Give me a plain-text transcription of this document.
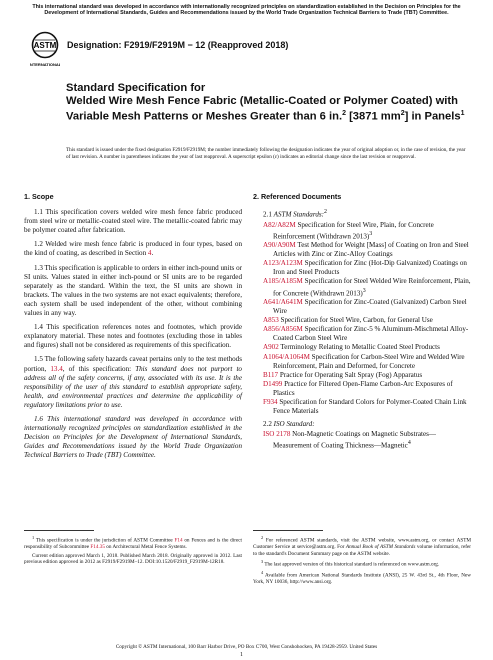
This international standard was developed in accordance with internationally recognized principles on standardization established in the Decision on Principles for the Development of International Standards, Guides and Recommendations issued by the World Trade Organization Technical Barriers to Trade (TBT) Committee.
ASTM
INTERNATIONAL
Designation: F2919/F2919M − 12 (Reapproved 2018)
Standard Specification for
Welded Wire Mesh Fence Fabric (Metallic-Coated or Polymer Coated) with Variable Mesh Patterns or Meshes Greater than 6 in.$^2$ [3871 $mm^2$] in Panels$^1$
This standard is issued under the fixed designation F2919/F2919M; the number immediately following the designation indicates the year of original adoption or, in the case of revision, the year of last revision. A number in parentheses indicates the year of last reapproval. A superscript epsilon (ε) indicates an editorial change since the last revision or reapproval.
1. Scope
1.1 This specification covers welded wire mesh fence fabric produced from steel wire or metallic-coated steel wire. The metallic-coated fabric may be polymer coated after fabrication.
1.2 Welded wire mesh fence fabric is produced in four types, based on the kind of coating, as described in Section 4.
1.3 This specification is applicable to orders in either inch-pound units or SI units. Values stated in either inch-pound or SI units are to be regarded separately as the standard. Within the text, the SI units are shown in brackets. The values in the two systems are not exact equivalents; therefore, each system shall be used independent of the other, without combining values in any way.
1.4 This specification references notes and footnotes, which provide explanatory material. These notes and footnotes (excluding those in tables and figures) shall not be considered as requirements of this specification.
1.5 The following safety hazards caveat pertains only to the test methods portion, 13.4, of this specification: This standard does not purport to address all of the safety concerns, if any, associated with its use. It is the responsibility of the user of this standard to establish appropriate safety, health, and environmental practices and determine the applicability of regulatory limitations prior to use.
1.6 This international standard was developed in accordance with internationally recognized principles on standardization established in the Decision on Principles for the Development of International Standards, Guides and Recommendations issued by the World Trade Organization Technical Barriers to Trade (TBT) Committee.
2. Referenced Documents
2.1 ASTM Standards:$^2$
A82/A82M Specification for Steel Wire, Plain, for Concrete Reinforcement (Withdrawn 2013)$^3$
A90/A90M Test Method for Weight [Mass] of Coating on Iron and Steel Articles with Zinc or Zinc-Alloy Coatings
A123/A123M Specification for Zinc (Hot-Dip Galvanized) Coatings on Iron and Steel Products
A185/A185M Specification for Steel Welded Wire Reinforcement, Plain, for Concrete (Withdrawn 2013)$^3$
A641/A641M Specification for Zinc-Coated (Galvanized) Carbon Steel Wire
A853 Specification for Steel Wire, Carbon, for General Use
A856/A856M Specification for Zinc-5 % Aluminum-Mischmetal Alloy-Coated Carbon Steel Wire
A902 Terminology Relating to Metallic Coated Steel Products
A1064/A1064M Specification for Carbon-Steel Wire and Welded Wire Reinforcement, Plain and Deformed, for Concrete
B117 Practice for Operating Salt Spray (Fog) Apparatus
D1499 Practice for Filtered Open-Flame Carbon-Arc Exposures of Plastics
F934 Specification for Standard Colors for Polymer-Coated Chain Link Fence Materials
2.2 ISO Standard:
ISO 2178 Non-Magnetic Coatings on Magnetic Substrates—Measurement of Coating Thickness—Magnetic$^4$
$^1$ This specification is under the jurisdiction of ASTM Committee F14 on Fences and is the direct responsibility of Subcommittee F14.35 on Architectural Metal Fence Systems.
Current edition approved March 1, 2018. Published March 2018. Originally approved in 2012. Last previous edition approved in 2012 as F2919/F2919M–12. DOI:10.1520/F2919_F2919M-12R18.
$^2$ For referenced ASTM standards, visit the ASTM website, www.astm.org, or contact ASTM Customer Service at service@astm.org. For Annual Book of ASTM Standards volume information, refer to the standard's Document Summary page on the ASTM website.
$^3$ The last approved version of this historical standard is referenced on www.astm.org.
$^4$ Available from American National Standards Institute (ANSI), 25 W. 43rd St., 4th Floor, New York, NY 10036, http://www.ansi.org.
Copyright © ASTM International, 100 Barr Harbor Drive, PO Box C700, West Conshohocken, PA 19428-2959. United States
1
